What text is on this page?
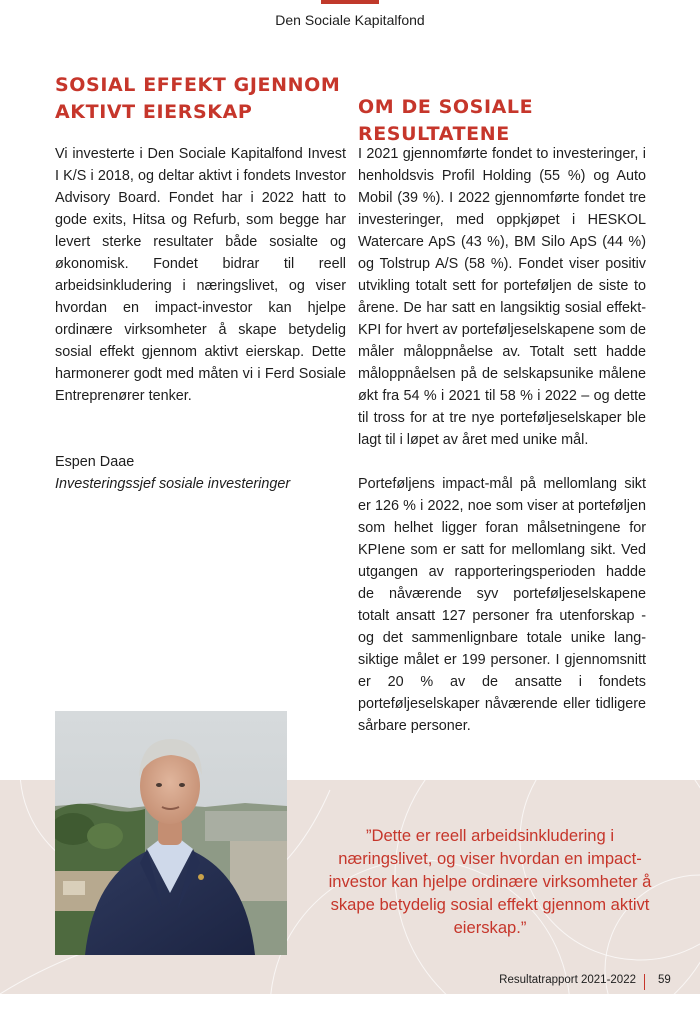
Den Sociale Kapitalfond
SOSIAL EFFEKT GJENNOM
AKTIVT EIERSKAP	OM DE SOSIALE RESULTATENE

Vi investerte i Den Sociale Kapitalfond Invest I K/S i 2018, og deltar aktivt i fondets Investor Advisory Board. Fondet har i 2022 hatt to gode exits, Hitsa og Refurb, som begge har levert sterke resultater både sosialte og økonomisk. Fondet bidrar til reell arbeidsinkludering i næringslivet, og viser hvordan en impact-investor kan hjelpe ordinære virksomheter å skape betydelig sosial effekt gjennom aktivt eierskap. Dette harmonerer godt med måten vi i Ferd Sosiale Entreprenører tenker.

I 2021 gjennomførte fondet to investeringer, i henholdsvis Profil Holding (55 %) og Auto Mobil (39 %). I 2022 gjennomførte fondet tre investeringer, med oppkjøpet i HESKOL Watercare ApS (43 %), BM Silo ApS (44 %) og Tolstrup A/S (58 %). Fondet viser positiv utvikling totalt sett for porteføljen de siste to årene. De har satt en langsiktig sosial effekt-KPI for hvert av porteføljeselskapene som de måler måloppnåelse av. Totalt sett hadde måloppnåelsen på de selskapsunike målene økt fra 54 % i 2021 til 58 % i 2022 – og dette til tross for at tre nye porteføljeselskaper ble lagt til i løpet av året med unike mål.

Porteføljens impact-mål på mellomlang sikt er 126 % i 2022, noe som viser at porteføljen som helhet ligger foran målsetningene for KPIene som er satt for mellomlang sikt. Ved utgangen av rapporteringsperioden hadde de nåværende syv porteføljeselskapene totalt ansatt 127 personer fra utenforskap - og det sammenlignbare totale unike langsiktige målet er 199 personer. I gjennomsnitt er 20 % av de ansatte i fondets porteføljeselskaper nåværende eller tidligere sårbare personer.

Espen Daae
Investeringssjef sosiale investeringer

”Dette er reell arbeidsinkludering i næringslivet, og viser hvordan en impact-investor kan hjelpe ordinære virksomheter å skape betydelig sosial effekt gjennom aktivt eierskap.”

Resultatrapport 2021-2022 59
